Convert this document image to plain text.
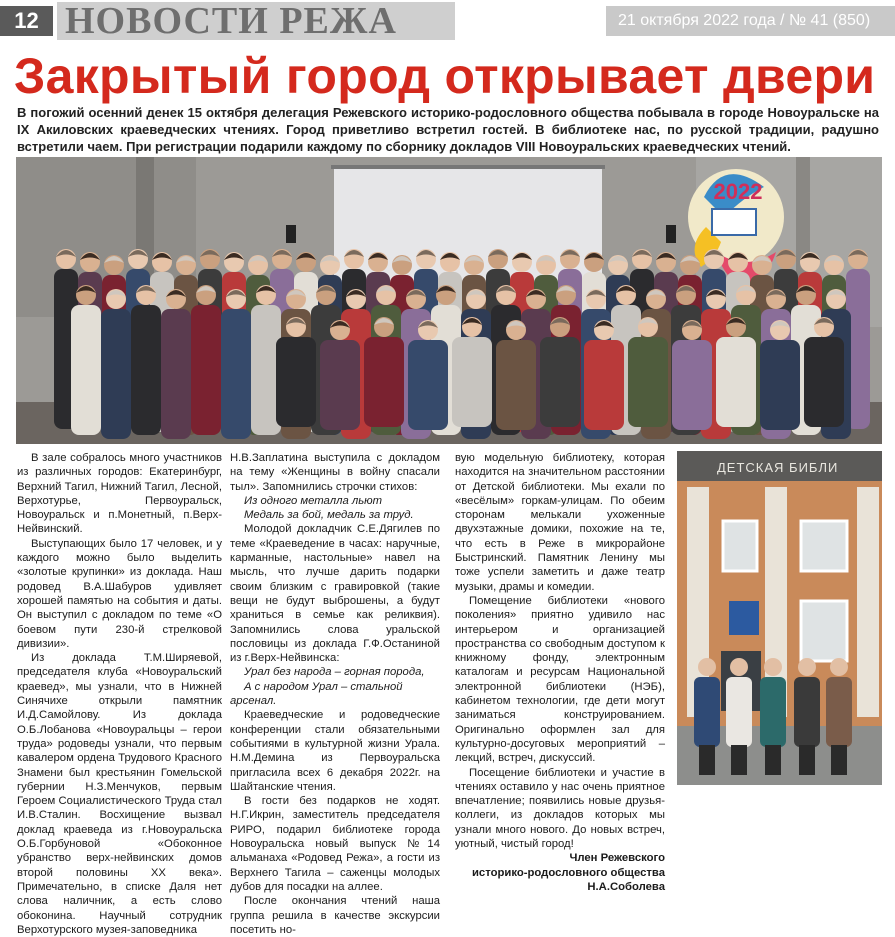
12 НОВОСТИ РЕЖА	21 октября 2022 года / № 41 (850)
Закрытый город открывает двери

В погожий осенний денек 15 октября делегация Режевского историко-родословного общества побывала в городе Новоуральске на IX Акиловских краеведческих чтениях. Город приветливо встретил гостей. В библиотеке нас, по русской традиции, радушно встретили чаем. При регистрации подарили каждому по сборнику докладов VIII Новоуральских краеведческих чтений.

2022

В зале собралось много участников из различных городов: Екатеринбург, Верхний Тагил, Нижний Тагил, Лесной, Верхотурье, Первоуральск, Новоуральск и п.Монетный, п.Верх-Нейвинский.

Выступающих было 17 человек, и у каждого можно было выделить «золотые крупинки» из доклада. Наш родовед В.А.Шабуров удивляет хорошей памятью на события и даты. Он выступил с докладом по теме «О боевом пути 230-й стрелковой дивизии».

Из доклада Т.М.Ширяевой, председателя клуба «Новоуральский краевед», мы узнали, что в Нижней Синячихе открыли памятник И.Д.Самойлову. Из доклада О.Б.Лобанова «Новоуральцы – герои труда» родоведы узнали, что первым кавалером ордена Трудового Красного Знамени был крестьянин Гомельской губернии Н.З.Менчуков, первым Героем Социалистического Труда стал И.В.Сталин. Восхищение вызвал доклад краеведа из г.Новоуральска О.Б.Горбуновой «Обоконное убранство верх-нейвинских домов второй половины XX века». Примечательно, в списке Даля нет слова наличник, а есть слово обоконина. Научный сотрудник Верхотурского музея-заповедника

Н.В.Заплатина выступила с докладом на тему «Женщины в войну спасали тыл». Запомнились строчки стихов:

Из одного металла льют

Медаль за бой, медаль за труд.

Молодой докладчик С.Е.Дягилев по теме «Краеведение в часах: наручные, карманные, настольные» навел на мысль, что лучше дарить подарки своим близким с гравировкой (такие вещи не будут выброшены, а будут храниться в семье как реликвия). Запомнились слова уральской пословицы из доклада Г.Ф.Останиной из г.Верх-Нейвинска:

Урал без народа – горная порода,

А с народом Урал – стальной арсенал.

Краеведческие и родоведческие конференции стали обязательными событиями в культурной жизни Урала. Н.М.Демина из Первоуральска пригласила всех 6 декабря 2022г. на Шайтанские чтения.

В гости без подарков не ходят. Н.Г.Икрин, заместитель председателя РИРО, подарил библиотеке города Новоуральска новый выпуск №14 альманаха «Родовед Режа», а гости из Верхнего Тагила – саженцы молодых дубов для посадки на аллее.

После окончания чтений наша группа решила в качестве экскурсии посетить но-

вую модельную библиотеку, которая находится на значительном расстоянии от Детской библиотеки. Мы ехали по «весёлым» горкам-улицам. По обеим сторонам мелькали ухоженные двухэтажные домики, похожие на те, что есть в Реже в микрорайоне Быстринский. Памятник Ленину мы тоже успели заметить и даже театр музыки, драмы и комедии.

Помещение библиотеки «нового поколения» приятно удивило нас интерьером и организацией пространства со свободным доступом к книжному фонду, электронным каталогам и ресурсам Национальной электронной библиотеки (НЭБ), кабинетом технологии, где дети могут заниматься конструированием. Оригинально оформлен зал для культурно-досуговых мероприятий – лекций, встреч, дискуссий.

Посещение библиотеки и участие в чтениях оставило у нас очень приятное впечатление; появились новые друзья-коллеги, из докладов которых мы узнали много нового. До новых встреч, уютный, чистый город!

Член Режевского

историко-родословного общества

Н.А.Соболева

ДЕТСКАЯ БИБЛИ
